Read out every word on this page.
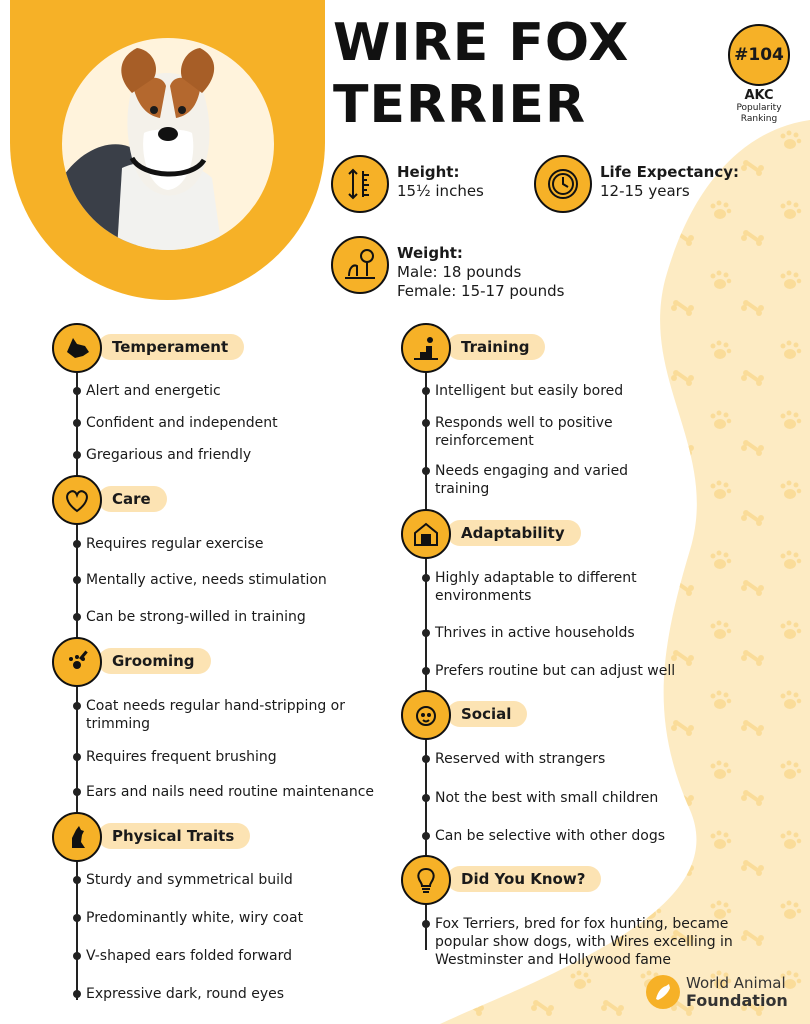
WIRE FOX
TERRIER
#104
AKC
Popularity
Ranking
Height:
15½ inches
Life Expectancy:
12-15 years
Weight:
Male: 18 pounds
Female: 15-17 pounds
Temperament
Alert and energetic
Confident and independent
Gregarious and friendly
Care
Requires regular exercise
Mentally active, needs stimulation
Can be strong-willed in training
Grooming
Coat needs regular hand-stripping or trimming
Requires frequent brushing
Ears and nails need routine maintenance
Physical Traits
Sturdy and symmetrical build
Predominantly white, wiry coat
V-shaped ears folded forward
Expressive dark, round eyes
Training
Intelligent but easily bored
Responds well to positive reinforcement
Needs engaging and varied training
Adaptability
Highly adaptable to different environments
Thrives in active households
Prefers routine but can adjust well
Social
Reserved with strangers
Not the best with small children
Can be selective with other dogs
Did You Know?
Fox Terriers, bred for fox hunting, became popular show dogs, with Wires excelling in Westminster and Hollywood fame
World Animal
Foundation
